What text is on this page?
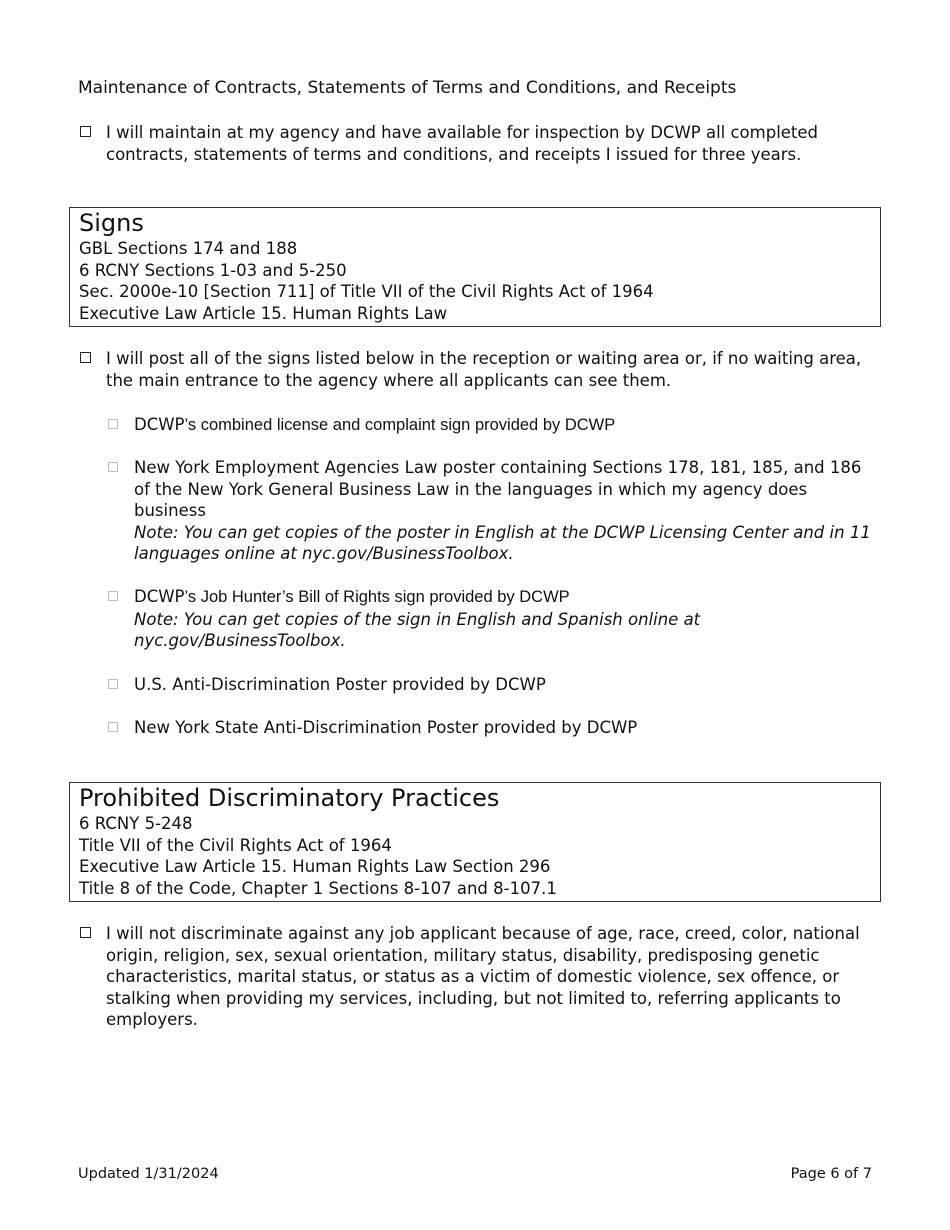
Maintenance of Contracts, Statements of Terms and Conditions, and Receipts
I will maintain at my agency and have available for inspection by DCWP all completed contracts, statements of terms and conditions, and receipts I issued for three years.
Signs
GBL Sections 174 and 188
6 RCNY Sections 1-03 and 5-250
Sec. 2000e-10 [Section 711] of Title VII of the Civil Rights Act of 1964
Executive Law Article 15. Human Rights Law
I will post all of the signs listed below in the reception or waiting area or, if no waiting area, the main entrance to the agency where all applicants can see them.
DCWP’s combined license and complaint sign provided by DCWP
New York Employment Agencies Law poster containing Sections 178, 181, 185, and 186 of the New York General Business Law in the languages in which my agency does business
Note: You can get copies of the poster in English at the DCWP Licensing Center and in 11 languages online at nyc.gov/BusinessToolbox.
DCWP’s Job Hunter’s Bill of Rights sign provided by DCWP
Note: You can get copies of the sign in English and Spanish online at nyc.gov/BusinessToolbox.
U.S. Anti-Discrimination Poster provided by DCWP
New York State Anti-Discrimination Poster provided by DCWP
Prohibited Discriminatory Practices
6 RCNY 5-248
Title VII of the Civil Rights Act of 1964
Executive Law Article 15. Human Rights Law Section 296
Title 8 of the Code, Chapter 1 Sections 8-107 and 8-107.1
I will not discriminate against any job applicant because of age, race, creed, color, national origin, religion, sex, sexual orientation, military status, disability, predisposing genetic characteristics, marital status, or status as a victim of domestic violence, sex offence, or stalking when providing my services, including, but not limited to, referring applicants to employers.
Updated 1/31/2024	Page 6 of 7
